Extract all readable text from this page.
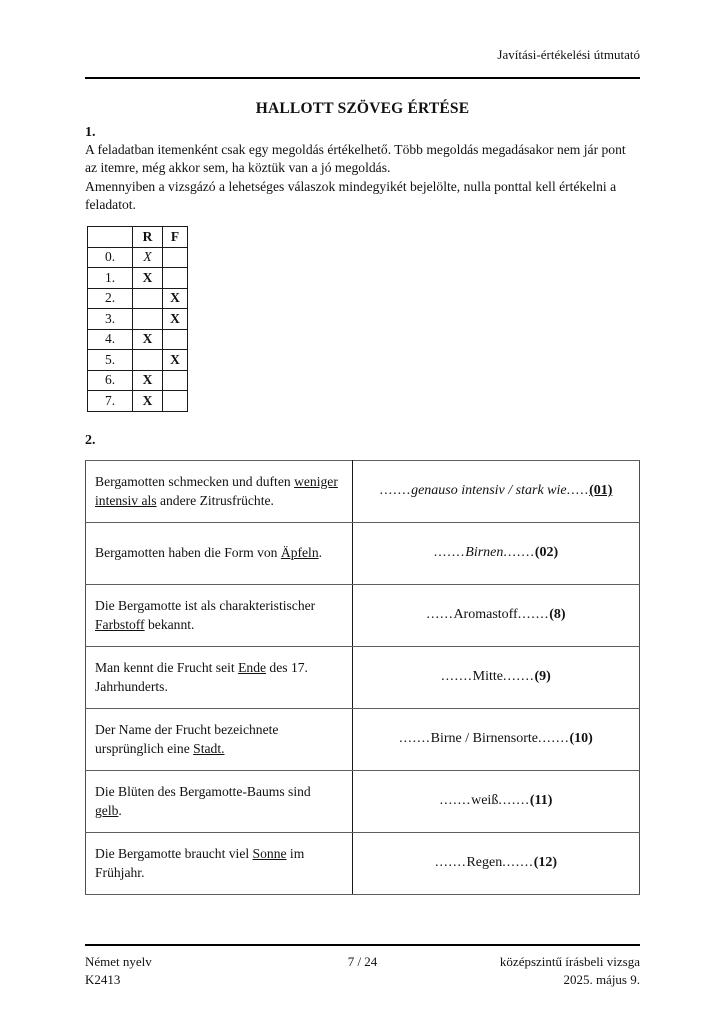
Javítási-értékelési útmutató
HALLOTT SZÖVEG ÉRTÉSE
1.

A feladatban itemenként csak egy megoldás értékelhető. Több megoldás megadásakor nem jár pont az itemre, még akkor sem, ha köztük van a jó megoldás.

Amennyiben a vizsgázó a lehetséges válaszok mindegyikét bejelölte, nulla ponttal kell értékelni a feladatot.

	R	F
0.	X	
1.	X	
2.		X
3.		X
4.	X	
5.		X
6.	X	
7.	X	
2.
Bergamotten schmecken und duften weniger intensiv als andere Zitrusfrüchte.	.......genauso intensiv / stark wie.....(01)
Bergamotten haben die Form von Äpfeln.	.......Birnen.......(02)
Die Bergamotte ist als charakteristischer Farbstoff bekannt.	......Aromastoff.......(8)
Man kennt die Frucht seit Ende des 17. Jahrhunderts.	.......Mitte.......(9)
Der Name der Frucht bezeichnete ursprünglich eine Stadt.	.......Birne / Birnensorte.......(10)
Die Blüten des Bergamotte-Baums sind gelb.	.......weiß.......(11)
Die Bergamotte braucht viel Sonne im Frühjahr.	.......Regen.......(12)
Német nyelv
K2413
7 / 24	középszintű írásbeli vizsga
2025. május 9.
